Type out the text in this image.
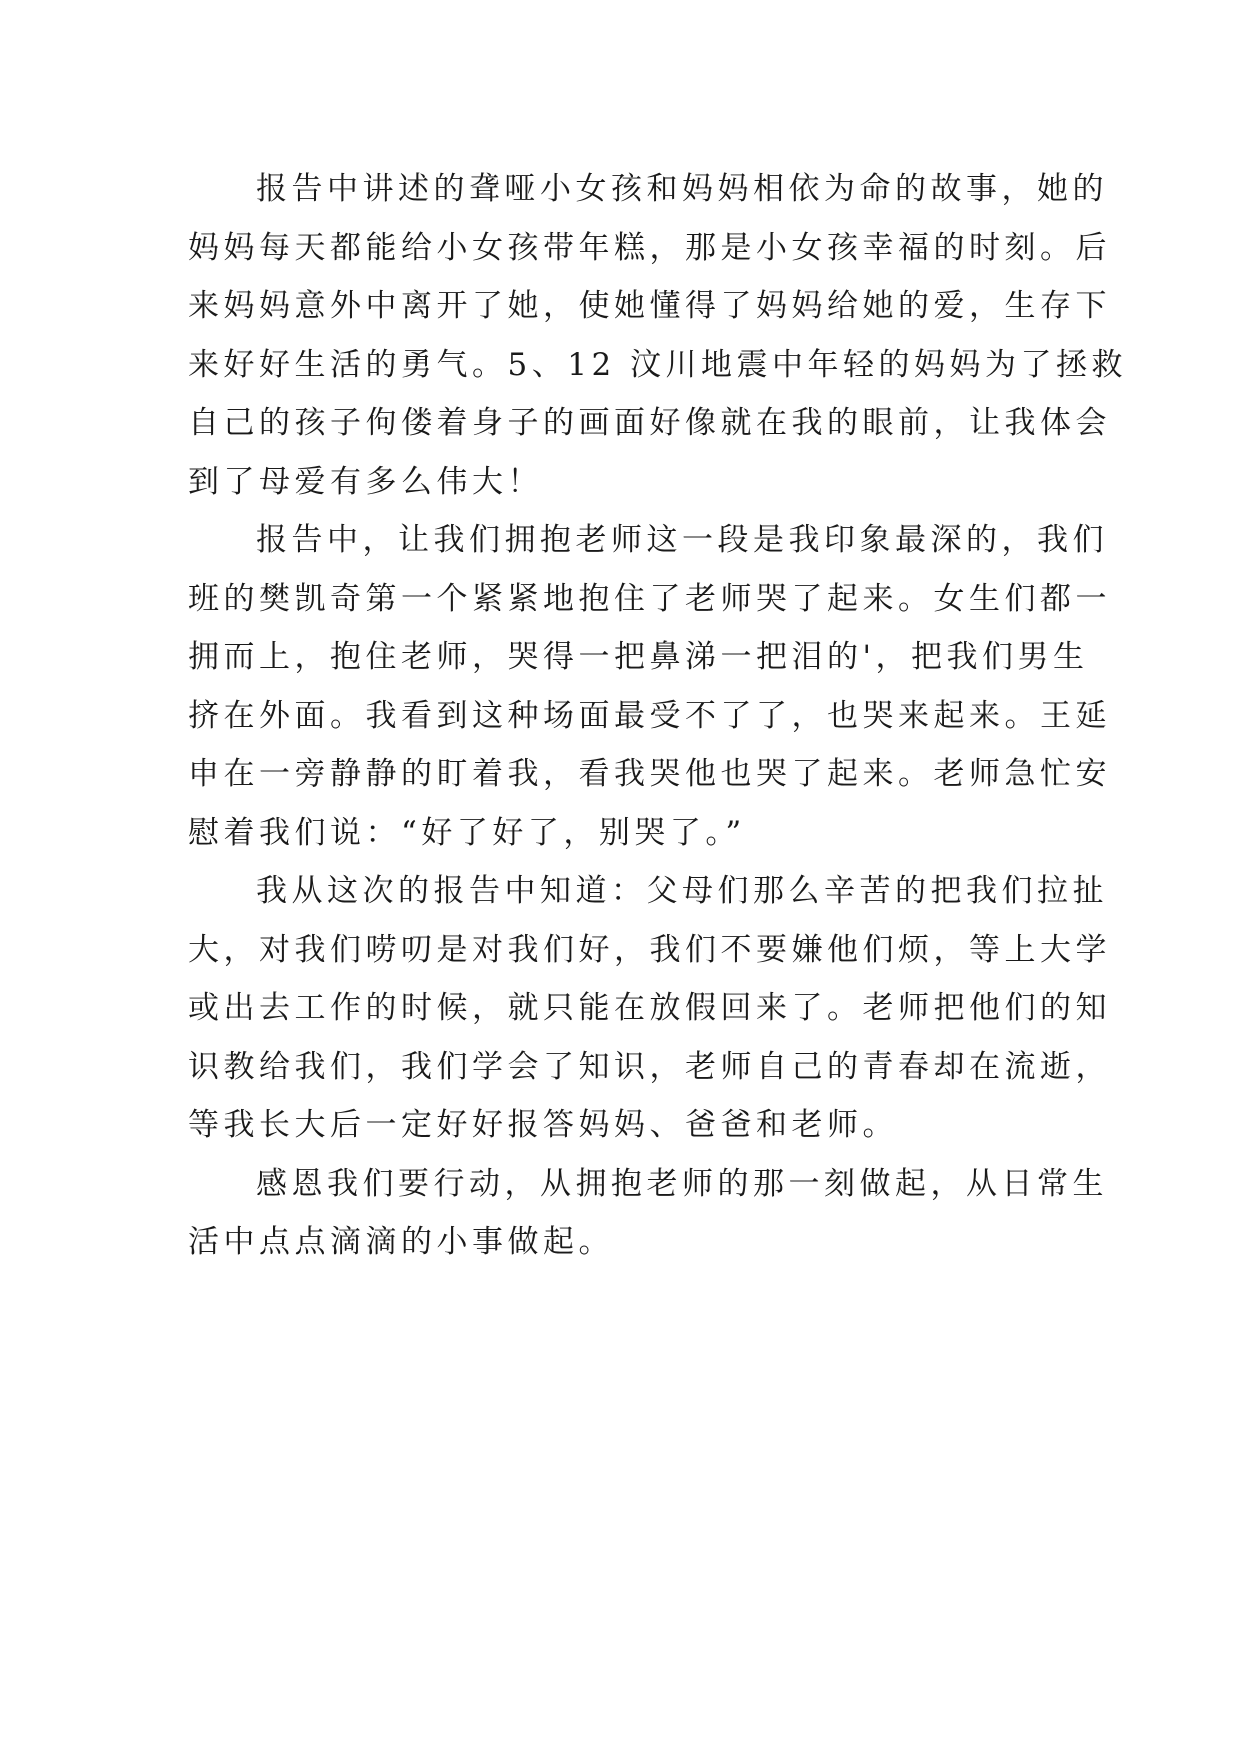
报告中讲述的聋哑小女孩和妈妈相依为命的故事，她的
妈妈每天都能给小女孩带年糕，那是小女孩幸福的时刻。后
来妈妈意外中离开了她，使她懂得了妈妈给她的爱，生存下
来好好生活的勇气。5、12 汶川地震中年轻的妈妈为了拯救
自己的孩子佝偻着身子的画面好像就在我的眼前，让我体会
到了母爱有多么伟大！
报告中，让我们拥抱老师这一段是我印象最深的，我们
班的樊凯奇第一个紧紧地抱住了老师哭了起来。女生们都一
拥而上，抱住老师，哭得一把鼻涕一把泪的'，把我们男生
挤在外面。我看到这种场面最受不了了，也哭来起来。王延
申在一旁静静的盯着我，看我哭他也哭了起来。老师急忙安
慰着我们说：“好了好了，别哭了。”
我从这次的报告中知道：父母们那么辛苦的把我们拉扯
大，对我们唠叨是对我们好，我们不要嫌他们烦，等上大学
或出去工作的时候，就只能在放假回来了。老师把他们的知
识教给我们，我们学会了知识，老师自己的青春却在流逝，
等我长大后一定好好报答妈妈、爸爸和老师。
感恩我们要行动，从拥抱老师的那一刻做起，从日常生
活中点点滴滴的小事做起。
